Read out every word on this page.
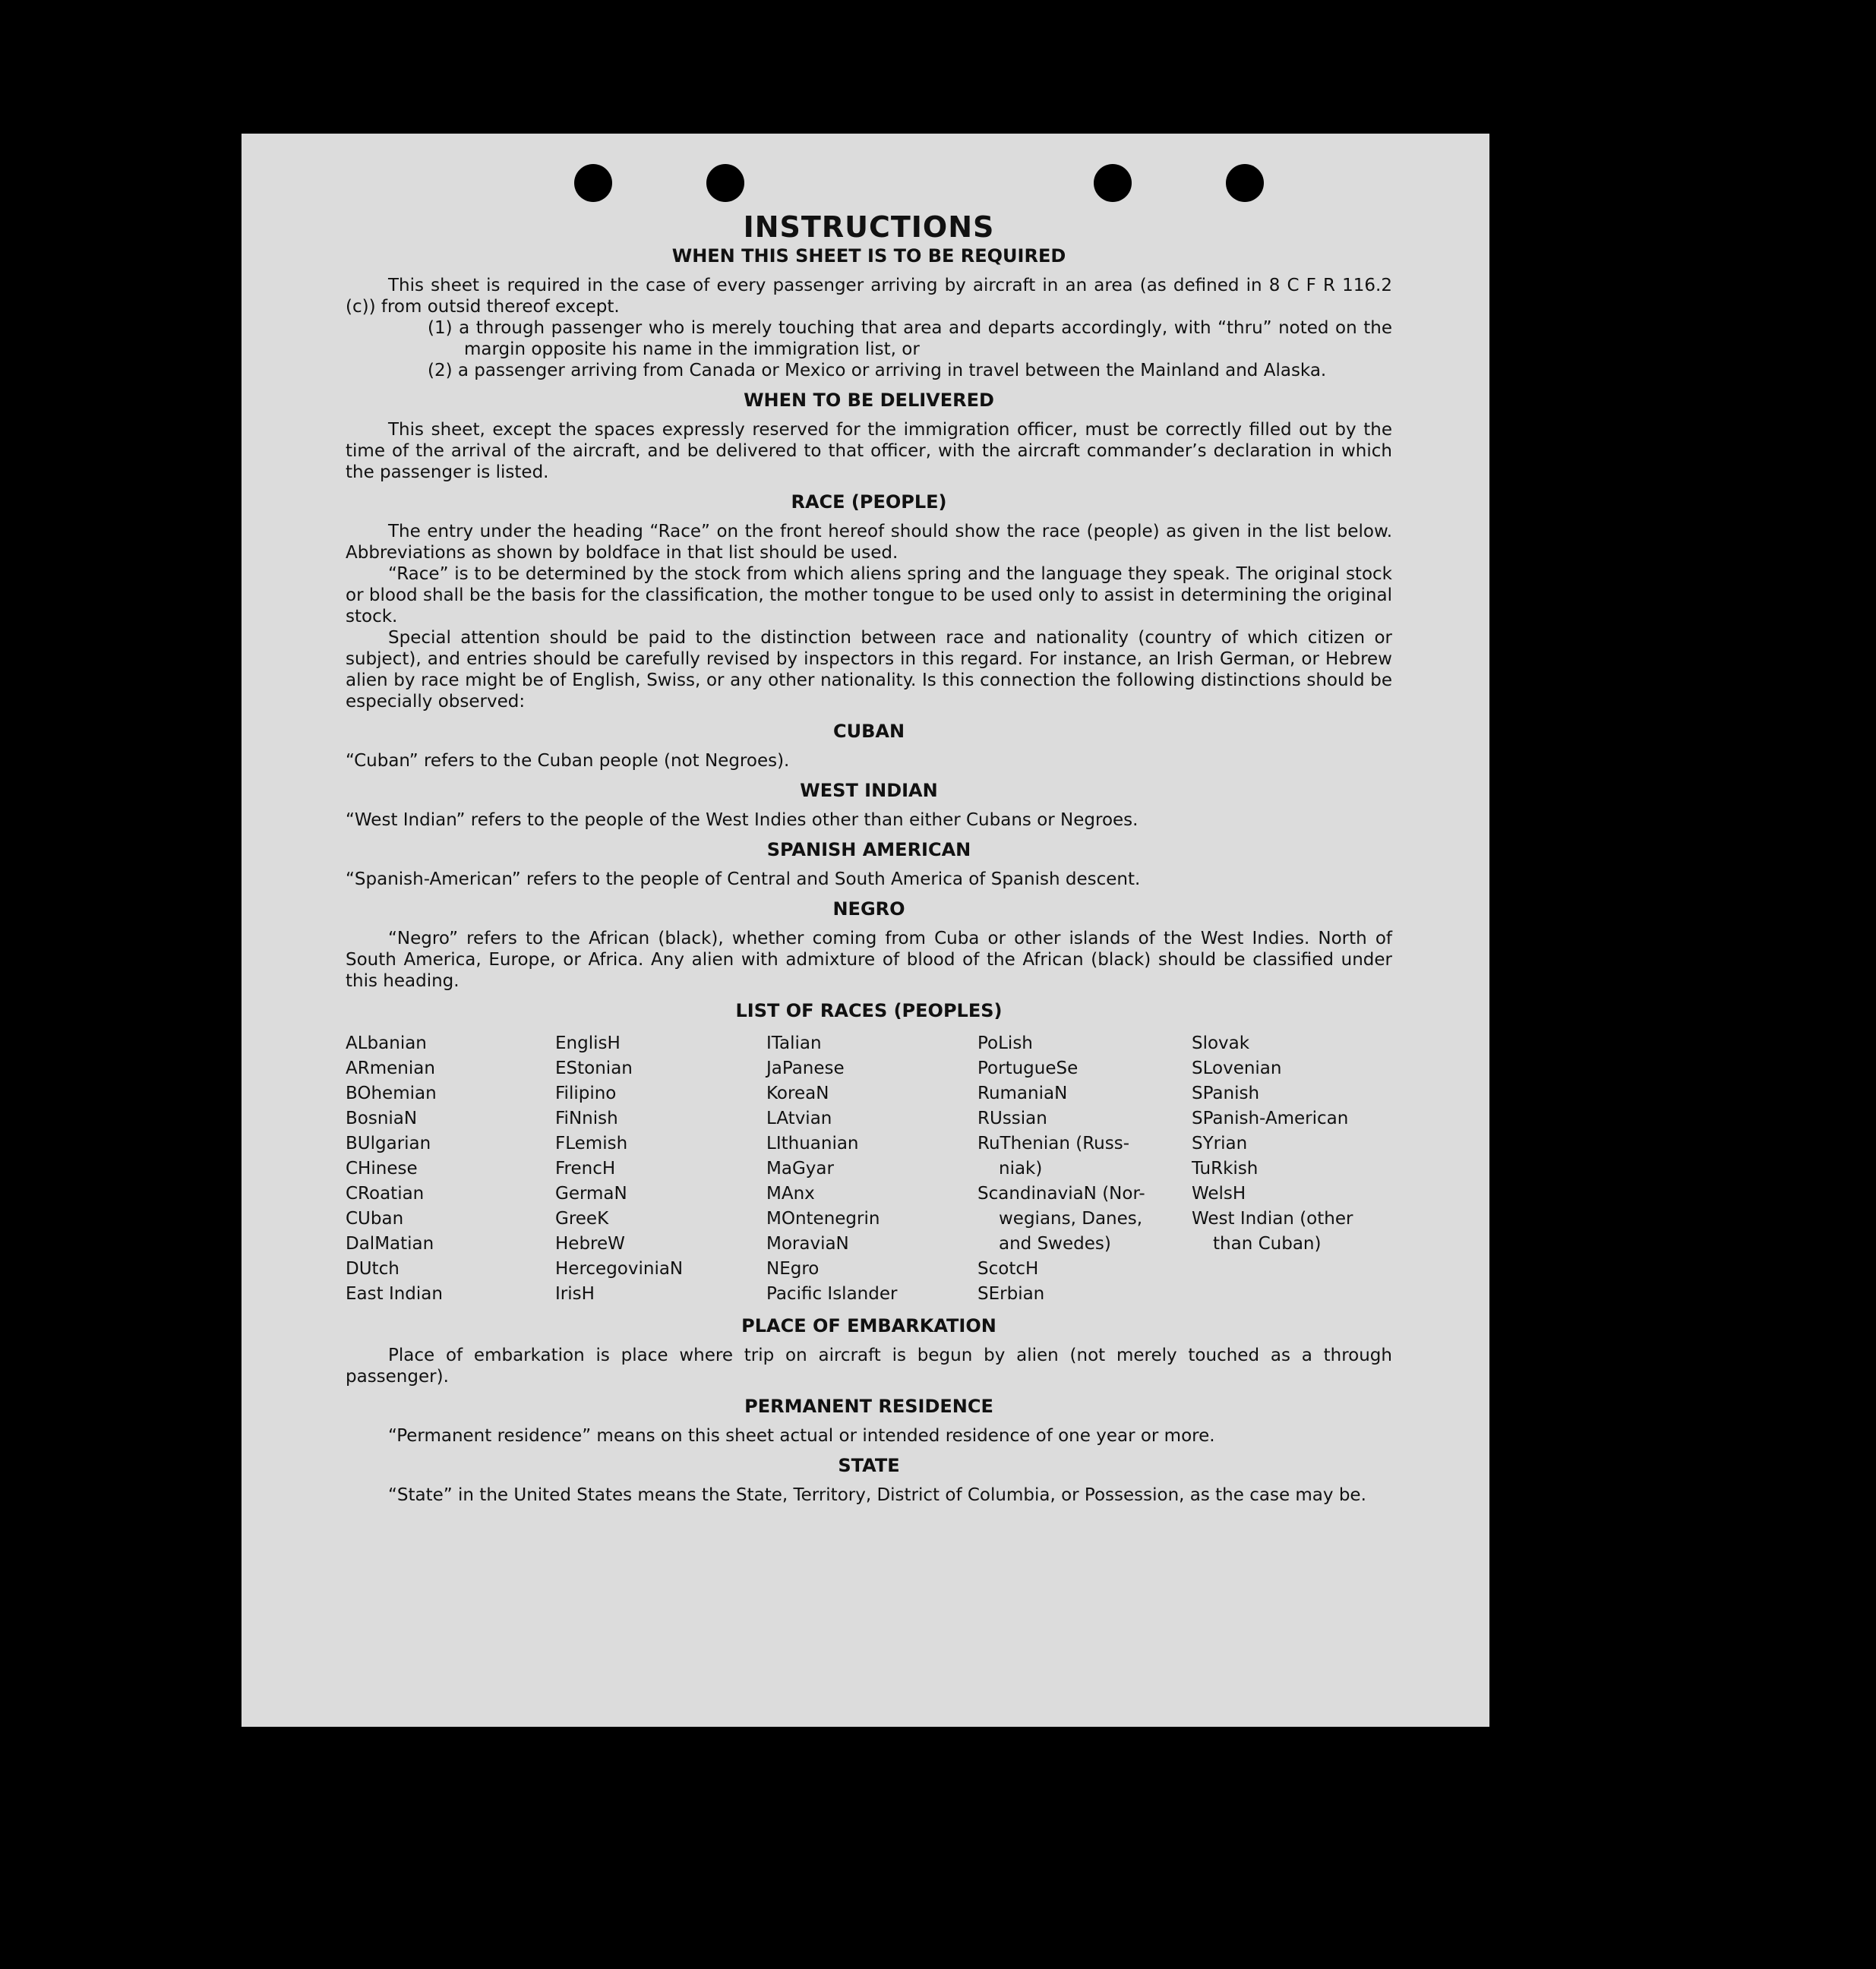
INSTRUCTIONS
WHEN THIS SHEET IS TO BE REQUIRED

This sheet is required in the case of every passenger arriving by aircraft in an area (as defined in 8 C F R 116.2 (c)) from outsid thereof except.

(1) a through passenger who is merely touching that area and departs accordingly, with “thru” noted on the margin opposite his name in the immigration list, or
(2) a passenger arriving from Canada or Mexico or arriving in travel between the Mainland and Alaska.
WHEN TO BE DELIVERED

This sheet, except the spaces expressly reserved for the immigration officer, must be correctly filled out by the time of the arrival of the aircraft, and be delivered to that officer, with the aircraft commander’s declaration in which the passenger is listed.

RACE (PEOPLE)

The entry under the heading “Race” on the front hereof should show the race (people) as given in the list below. Abbreviations as shown by boldface in that list should be used.

“Race” is to be determined by the stock from which aliens spring and the language they speak. The original stock or blood shall be the basis for the classification, the mother tongue to be used only to assist in determining the original stock.

Special attention should be paid to the distinction between race and nationality (country of which citizen or subject), and entries should be carefully revised by inspectors in this regard. For instance, an Irish German, or Hebrew alien by race might be of English, Swiss, or any other nationality. Is this connection the following distinctions should be especially observed:

CUBAN

“Cuban” refers to the Cuban people (not Negroes).

WEST INDIAN

“West Indian” refers to the people of the West Indies other than either Cubans or Negroes.

SPANISH AMERICAN

“Spanish-American” refers to the people of Central and South America of Spanish descent.

NEGRO

“Negro” refers to the African (black), whether coming from Cuba or other islands of the West Indies. North of South America, Europe, or Africa. Any alien with admixture of blood of the African (black) should be classified under this heading.

LIST OF RACES (PEOPLES)
ALbanian
ARmenian
BOhemian
BosniaN
BUlgarian
CHinese
CRoatian
CUban
DalMatian
DUtch
East Indian
EnglisH
EStonian
Filipino
FiNnish
FLemish
FrencH
GermaN
GreeK
HebreW
HercegoviniaN
IrisH
ITalian
JaPanese
KoreaN
LAtvian
LIthuanian
MaGyar
MAnx
MOntenegrin
MoraviaN
NEgro
Pacific Islander
PoLish
PortugueSe
RumaniaN
RUssian
RuThenian (Russ-
niak)
ScandinaviaN (Nor-
wegians, Danes,
and Swedes)
ScotcH
SErbian
Slovak
SLovenian
SPanish
SPanish-American
SYrian
TuRkish
WelsH
West Indian (other
than Cuban)
PLACE OF EMBARKATION

Place of embarkation is place where trip on aircraft is begun by alien (not merely touched as a through passenger).

PERMANENT RESIDENCE

“Permanent residence” means on this sheet actual or intended residence of one year or more.

STATE

“State” in the United States means the State, Territory, District of Columbia, or Possession, as the case may be.
